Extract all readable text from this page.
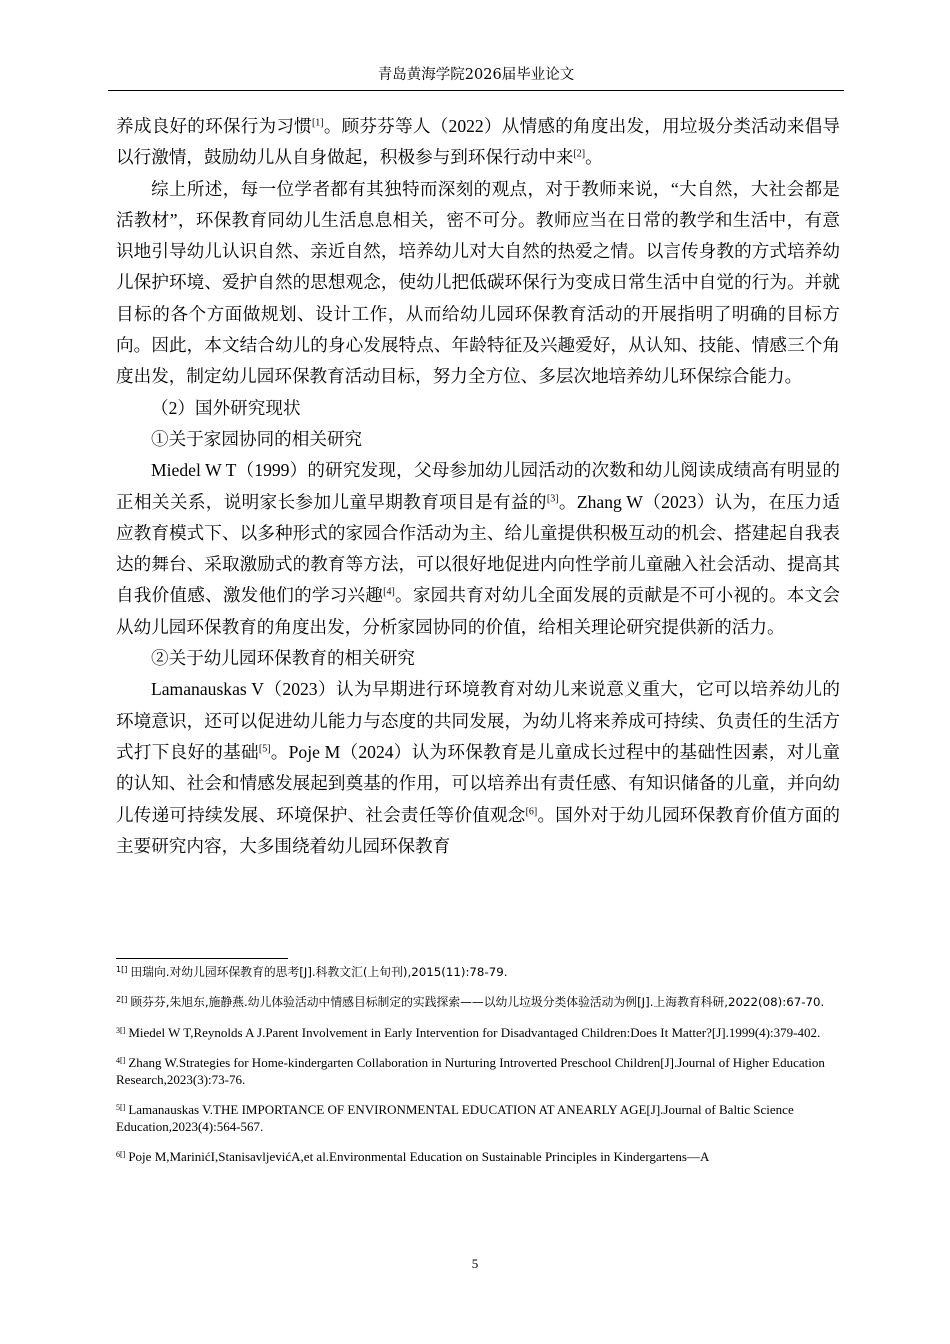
青岛黄海学院2026届毕业论文

养成良好的环保行为习惯[1]。顾芬芬等人（2022）从情感的角度出发，用垃圾分类活动来倡导以行激情，鼓励幼儿从自身做起，积极参与到环保行动中来[2]。

综上所述，每一位学者都有其独特而深刻的观点，对于教师来说，“大自然，大社会都是活教材”，环保教育同幼儿生活息息相关，密不可分。教师应当在日常的教学和生活中，有意识地引导幼儿认识自然、亲近自然，培养幼儿对大自然的热爱之情。以言传身教的方式培养幼儿保护环境、爱护自然的思想观念，使幼儿把低碳环保行为变成日常生活中自觉的行为。并就目标的各个方面做规划、设计工作，从而给幼儿园环保教育活动的开展指明了明确的目标方向。因此，本文结合幼儿的身心发展特点、年龄特征及兴趣爱好，从认知、技能、情感三个角度出发，制定幼儿园环保教育活动目标，努力全方位、多层次地培养幼儿环保综合能力。

（2）国外研究现状

①关于家园协同的相关研究

Miedel W T（1999）的研究发现，父母参加幼儿园活动的次数和幼儿阅读成绩高有明显的正相关关系，说明家长参加儿童早期教育项目是有益的[3]。Zhang W（2023）认为，在压力适应教育模式下、以多种形式的家园合作活动为主、给儿童提供积极互动的机会、搭建起自我表达的舞台、采取激励式的教育等方法，可以很好地促进内向性学前儿童融入社会活动、提高其自我价值感、激发他们的学习兴趣[4]。家园共育对幼儿全面发展的贡献是不可小视的。本文会从幼儿园环保教育的角度出发，分析家园协同的价值，给相关理论研究提供新的活力。

②关于幼儿园环保教育的相关研究

Lamanauskas V（2023）认为早期进行环境教育对幼儿来说意义重大，它可以培养幼儿的环境意识，还可以促进幼儿能力与态度的共同发展，为幼儿将来养成可持续、负责任的生活方式打下良好的基础[5]。Poje M（2024）认为环保教育是儿童成长过程中的基础性因素，对儿童的认知、社会和情感发展起到奠基的作用，可以培养出有责任感、有知识储备的儿童，并向幼儿传递可持续发展、环境保护、社会责任等价值观念[6]。国外对于幼儿园环保教育价值方面的主要研究内容，大多围绕着幼儿园环保教育

$^{1[]}$ 田瑞向.对幼儿园环保教育的思考[J].科教文汇(上旬刊),2015(11):78-79.

$^{2[]}$ 顾芬芬,朱旭东,施静燕.幼儿体验活动中情感目标制定的实践探索——以幼儿垃圾分类体验活动为例[J].上海教育科研,2022(08):67-70.

$^{3[]}$ Miedel W T,Reynolds A J.Parent Involvement in Early Intervention for Disadvantaged Children:Does It Matter?[J].1999(4):379-402.

$^{4[]}$ Zhang W.Strategies for Home-kindergarten Collaboration in Nurturing Introverted Preschool Children[J].Journal of Higher Education Research,2023(3):73-76.

$^{5[]}$ Lamanauskas V.THE IMPORTANCE OF ENVIRONMENTAL EDUCATION AT ANEARLY AGE[J].Journal of Baltic Science Education,2023(4):564-567.

$^{6[]}$ Poje M,MarinićI,StanisavljevićA,et al.Environmental Education on Sustainable Principles in Kindergartens—A

5
